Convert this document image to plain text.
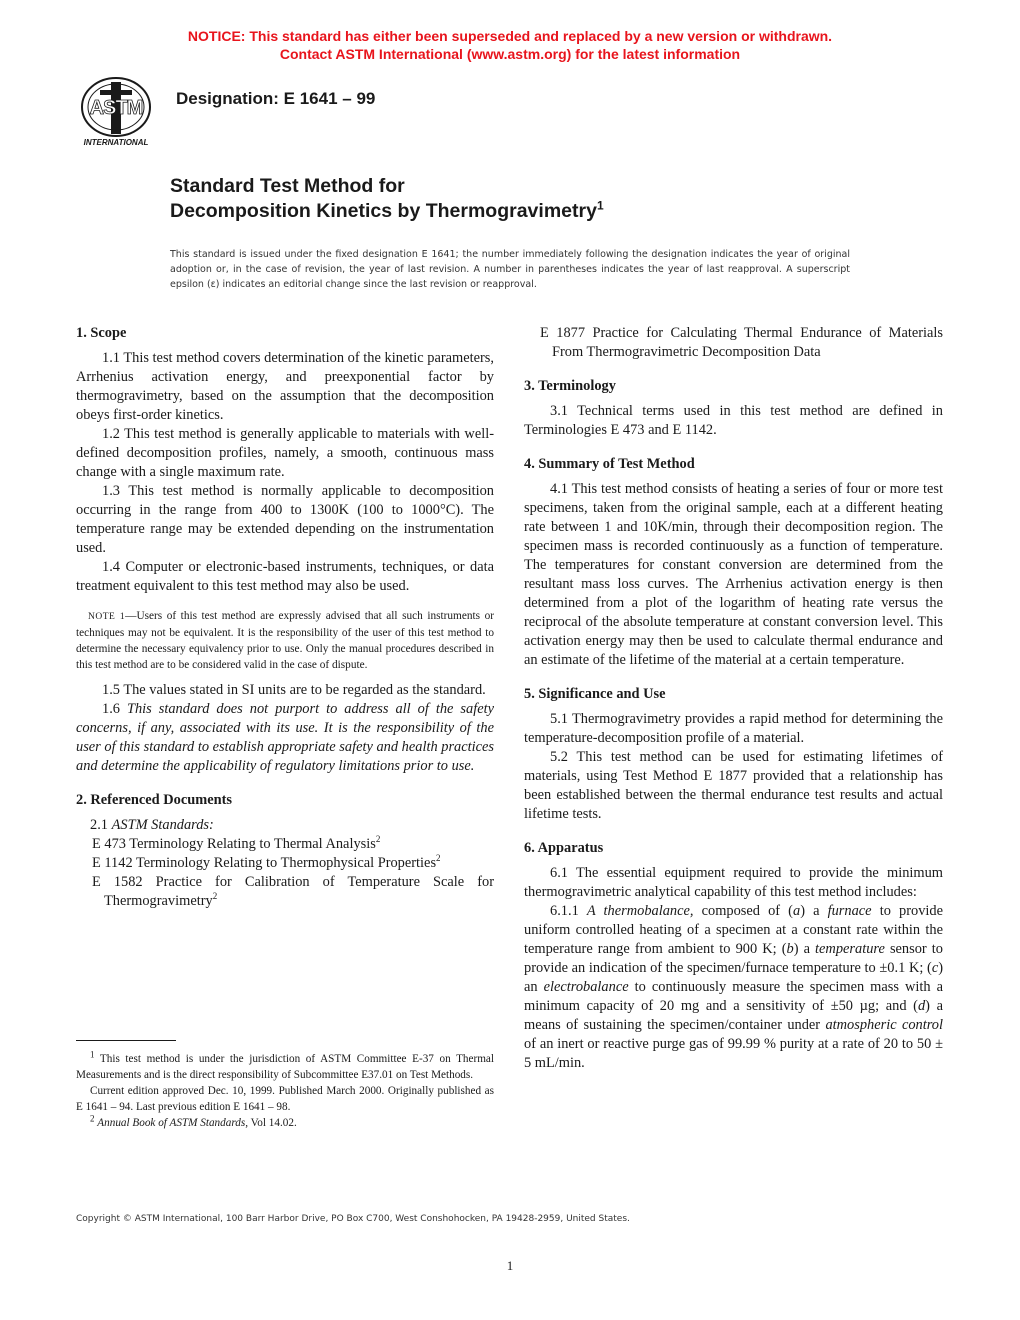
NOTICE: This standard has either been superseded and replaced by a new version or withdrawn.
Contact ASTM International (www.astm.org) for the latest information
ASTM
INTERNATIONAL
Designation: E 1641 – 99
Standard Test Method for
Decomposition Kinetics by Thermogravimetry$^1$
This standard is issued under the fixed designation E 1641; the number immediately following the designation indicates the year of original adoption or, in the case of revision, the year of last revision. A number in parentheses indicates the year of last reapproval. A superscript epsilon (ε) indicates an editorial change since the last revision or reapproval.

1. Scope

1.1 This test method covers determination of the kinetic parameters, Arrhenius activation energy, and preexponential factor by thermogravimetry, based on the assumption that the decomposition obeys first-order kinetics.

1.2 This test method is generally applicable to materials with well-defined decomposition profiles, namely, a smooth, continuous mass change with a single maximum rate.

1.3 This test method is normally applicable to decomposition occurring in the range from 400 to 1300K (100 to 1000°C). The temperature range may be extended depending on the instrumentation used.

1.4 Computer or electronic-based instruments, techniques, or data treatment equivalent to this test method may also be used.

NOTE 1—Users of this test method are expressly advised that all such instruments or techniques may not be equivalent. It is the responsibility of the user of this test method to determine the necessary equivalency prior to use. Only the manual procedures described in this test method are to be considered valid in the case of dispute.

1.5 The values stated in SI units are to be regarded as the standard.

1.6 This standard does not purport to address all of the safety concerns, if any, associated with its use. It is the responsibility of the user of this standard to establish appropriate safety and health practices and determine the applicability of regulatory limitations prior to use.

2. Referenced Documents

2.1 ASTM Standards:

E 473 Terminology Relating to Thermal Analysis$^2$

E 1142 Terminology Relating to Thermophysical Properties$^2$

E 1582 Practice for Calibration of Temperature Scale for Thermogravimetry$^2$

$^1$ This test method is under the jurisdiction of ASTM Committee E-37 on Thermal Measurements and is the direct responsibility of Subcommittee E37.01 on Test Methods.

Current edition approved Dec. 10, 1999. Published March 2000. Originally published as E 1641 – 94. Last previous edition E 1641 – 98.

$^2$ Annual Book of ASTM Standards, Vol 14.02.

E 1877 Practice for Calculating Thermal Endurance of Materials From Thermogravimetric Decomposition Data

3. Terminology

3.1 Technical terms used in this test method are defined in Terminologies E 473 and E 1142.

4. Summary of Test Method

4.1 This test method consists of heating a series of four or more test specimens, taken from the original sample, each at a different heating rate between 1 and 10K/min, through their decomposition region. The specimen mass is recorded continuously as a function of temperature. The temperatures for constant conversion are determined from the resultant mass loss curves. The Arrhenius activation energy is then determined from a plot of the logarithm of heating rate versus the reciprocal of the absolute temperature at constant conversion level. This activation energy may then be used to calculate thermal endurance and an estimate of the lifetime of the material at a certain temperature.

5. Significance and Use

5.1 Thermogravimetry provides a rapid method for determining the temperature-decomposition profile of a material.

5.2 This test method can be used for estimating lifetimes of materials, using Test Method E 1877 provided that a relationship has been established between the thermal endurance test results and actual lifetime tests.

6. Apparatus

6.1 The essential equipment required to provide the minimum thermogravimetric analytical capability of this test method includes:

6.1.1 A thermobalance, composed of (a) a furnace to provide uniform controlled heating of a specimen at a constant rate within the temperature range from ambient to 900 K; (b) a temperature sensor to provide an indication of the specimen/furnace temperature to ±0.1 K; (c) an electrobalance to continuously measure the specimen mass with a minimum capacity of 20 mg and a sensitivity of ±50 µg; and (d) a means of sustaining the specimen/container under atmospheric control of an inert or reactive purge gas of 99.99 % purity at a rate of 20 to 50 ± 5 mL/min.

Copyright © ASTM International, 100 Barr Harbor Drive, PO Box C700, West Conshohocken, PA 19428-2959, United States.
1
